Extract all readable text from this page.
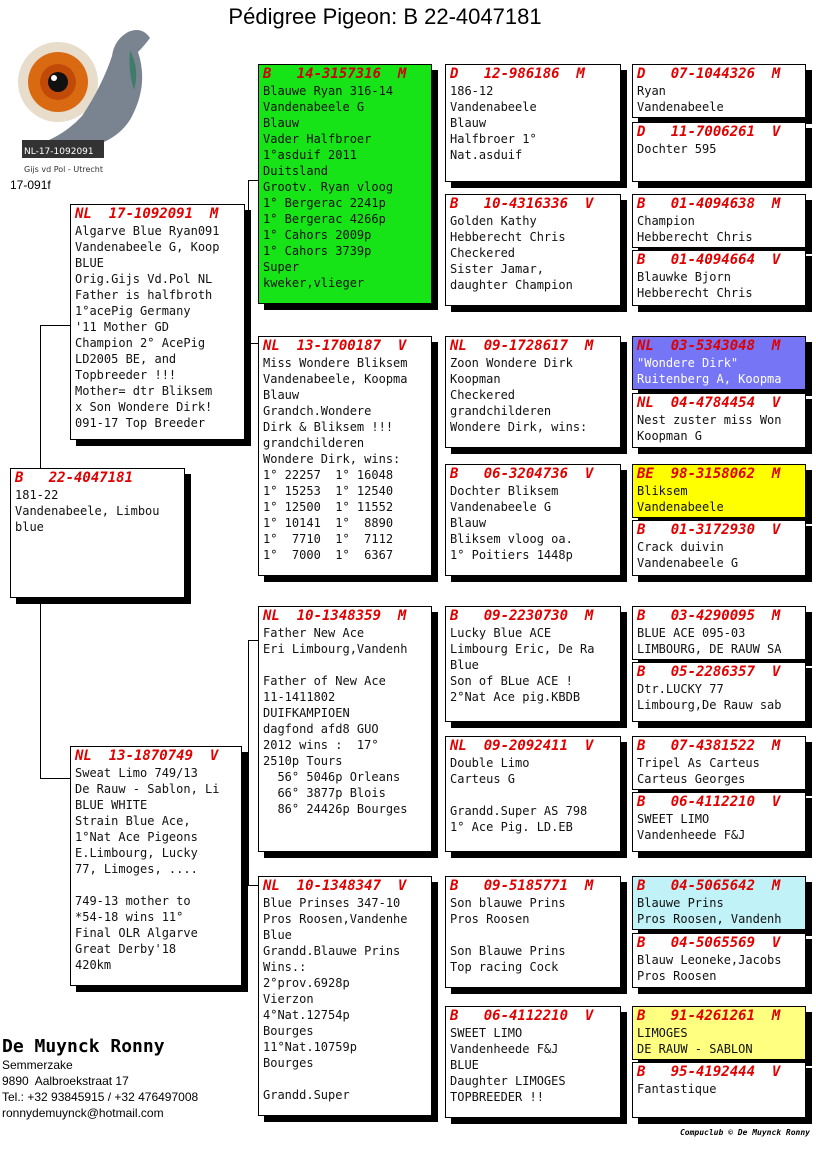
Pédigree Pigeon: B 22-4047181
NL-17-1092091
Gijs vd Pol - Utrecht
17-091f
B   22-4047181
181-22
Vandenabeele, Limbou
blue
NL  17-1092091  M
Algarve Blue Ryan091
Vandenabeele G, Koop
BLUE
Orig.Gijs Vd.Pol NL
Father is halfbroth
1°acePig Germany
'11 Mother GD
Champion 2° AcePig
LD2005 BE, and
Topbreeder !!!
Mother= dtr Bliksem
x Son Wondere Dirk!
091-17 Top Breeder
NL  13-1870749  V
Sweat Limo 749/13
De Rauw - Sablon, Li
BLUE WHITE
Strain Blue Ace,
1°Nat Ace Pigeons
E.Limbourg, Lucky
77, Limoges, ....

749-13 mother to
*54-18 wins 11°
Final OLR Algarve
Great Derby'18
420km
B   14-3157316  M
Blauwe Ryan 316-14
Vandenabeele G
Blauw
Vader Halfbroer
1°asduif 2011
Duitsland
Grootv. Ryan vloog
1° Bergerac 2241p
1° Bergerac 4266p
1° Cahors 2009p
1° Cahors 3739p
Super
kweker,vlieger
NL  13-1700187  V
Miss Wondere Bliksem
Vandenabeele, Koopma
Blauw
Grandch.Wondere
Dirk & Bliksem !!!
grandchilderen
Wondere Dirk, wins:
1° 22257  1° 16048
1° 15253  1° 12540
1° 12500  1° 11552
1° 10141  1°  8890
1°  7710  1°  7112
1°  7000  1°  6367
NL  10-1348359  M
Father New Ace
Eri Limbourg,Vandenh

Father of New Ace
11-1411802
DUIFKAMPIOEN
dagfond afd8 GUO
2012 wins :  17°
2510p Tours
56° 5046p Orleans
66° 3877p Blois
86° 24426p Bourges
NL  10-1348347  V
Blue Prinses 347-10
Pros Roosen,Vandenhe
Blue
Grandd.Blauwe Prins
Wins.:
2°prov.6928p
Vierzon
4°Nat.12754p
Bourges
11°Nat.10759p
Bourges

Grandd.Super
D   12-986186  M
186-12
Vandenabeele
Blauw
Halfbroer 1°
Nat.asduif
B   10-4316336  V
Golden Kathy
Hebberecht Chris
Checkered
Sister Jamar,
daughter Champion
NL  09-1728617  M
Zoon Wondere Dirk
Koopman
Checkered
grandchilderen
Wondere Dirk, wins:
B   06-3204736  V
Dochter Bliksem
Vandenabeele G
Blauw
Bliksem vloog oa.
1° Poitiers 1448p
B   09-2230730  M
Lucky Blue ACE
Limbourg Eric, De Ra
Blue
Son of BLue ACE !
2°Nat Ace pig.KBDB
NL  09-2092411  V
Double Limo
Carteus G

Grandd.Super AS 798
1° Ace Pig. LD.EB
B   09-5185771  M
Son blauwe Prins
Pros Roosen

Son Blauwe Prins
Top racing Cock
B   06-4112210  V
SWEET LIMO
Vandenheede F&J
BLUE
Daughter LIMOGES
TOPBREEDER !!
D   07-1044326  M
Ryan
Vandenabeele
D   11-7006261  V
Dochter 595
B   01-4094638  M
Champion
Hebberecht Chris
B   01-4094664  V
Blauwke Bjorn
Hebberecht Chris
NL  03-5343048  M
"Wondere Dirk"
Ruitenberg A, Koopma
NL  04-4784454  V
Nest zuster miss Won
Koopman G
BE  98-3158062  M
Bliksem
Vandenabeele
B   01-3172930  V
Crack duivin
Vandenabeele G
B   03-4290095  M
BLUE ACE 095-03
LIMBOURG, DE RAUW SA
B   05-2286357  V
Dtr.LUCKY 77
Limbourg,De Rauw sab
B   07-4381522  M
Tripel As Carteus
Carteus Georges
B   06-4112210  V
SWEET LIMO
Vandenheede F&J
B   04-5065642  M
Blauwe Prins
Pros Roosen, Vandenh
B   04-5065569  V
Blauw Leoneke,Jacobs
Pros Roosen
B   91-4261261  M
LIMOGES
DE RAUW - SABLON
B   95-4192444  V
Fantastique
De Muynck Ronny
Semmerzake
9890  Aalbroekstraat 17
Tel.: +32 93845915 / +32 476497008
ronnydemuynck@hotmail.com
Compuclub © De Muynck Ronny
